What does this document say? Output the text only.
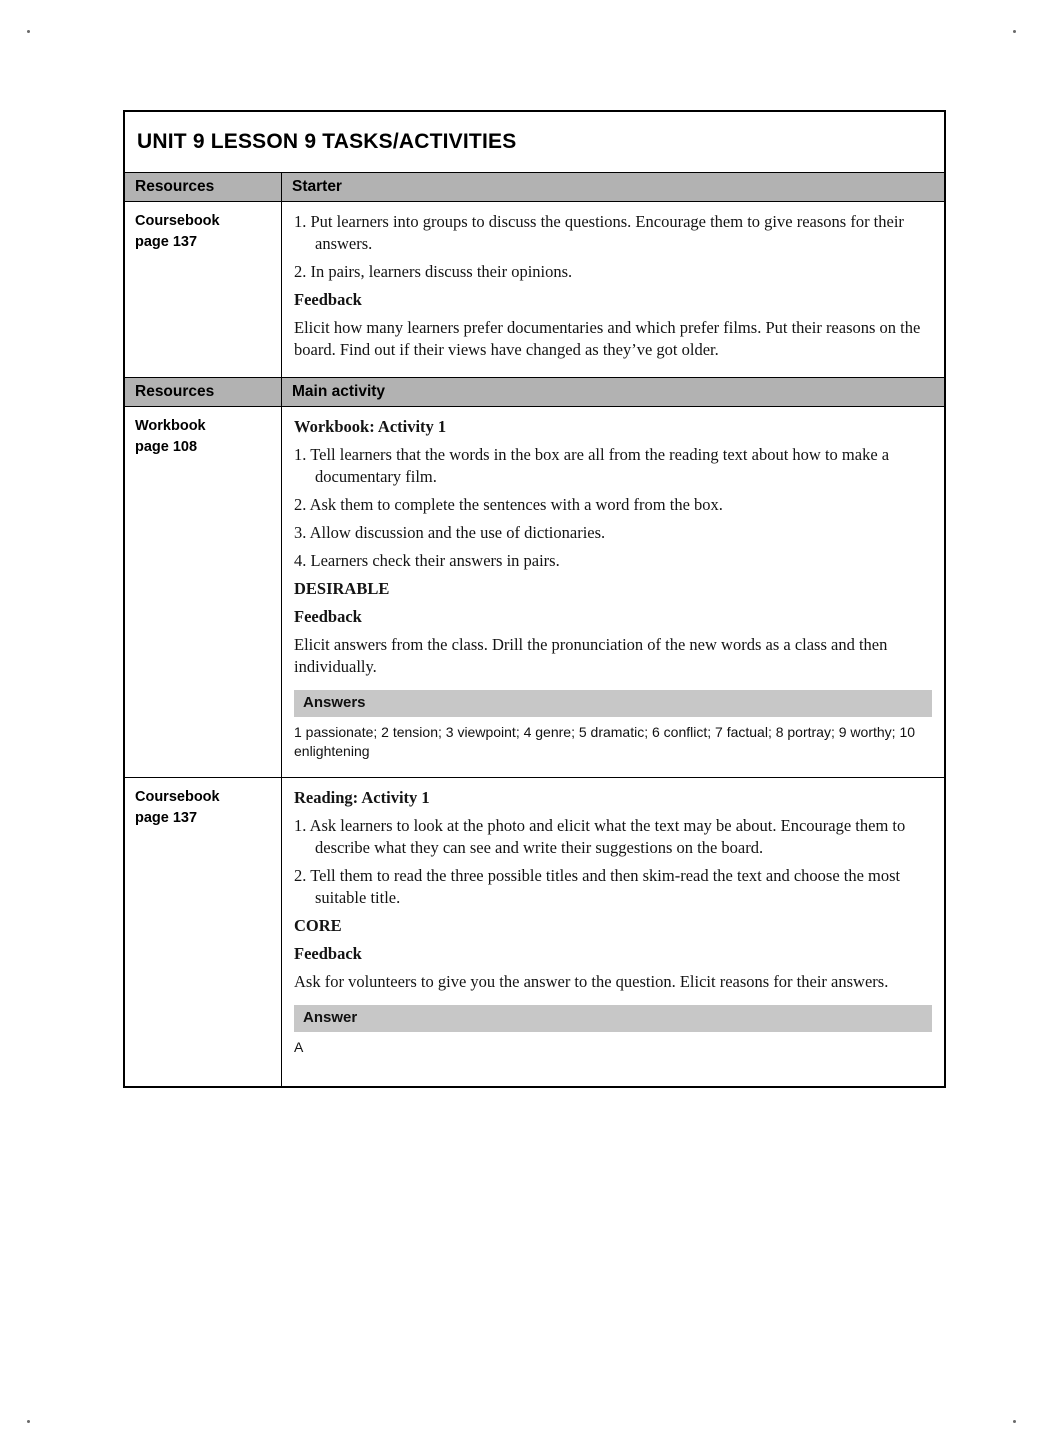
UNIT 9 LESSON 9 TASKS/ACTIVITIES
Resources	Starter
Coursebook
page 137

1. Put learners into groups to discuss the questions. Encourage them to give reasons for their answers.

2. In pairs, learners discuss their opinions.

Feedback

Elicit how many learners prefer documentaries and which prefer films. Put their reasons on the board. Find out if their views have changed as they’ve got older.

Resources	Main activity
Workbook
page 108

Workbook: Activity 1

1. Tell learners that the words in the box are all from the reading text about how to make a documentary film.

2. Ask them to complete the sentences with a word from the box.

3. Allow discussion and the use of dictionaries.

4. Learners check their answers in pairs.

DESIRABLE

Feedback

Elicit answers from the class. Drill the pronunciation of the new words as a class and then individually.

Answers

1 passionate; 2 tension; 3 viewpoint; 4 genre; 5 dramatic; 6 conflict; 7 factual; 8 portray; 9 worthy; 10 enlightening

Coursebook
page 137

Reading: Activity 1

1. Ask learners to look at the photo and elicit what the text may be about. Encourage them to describe what they can see and write their suggestions on the board.

2. Tell them to read the three possible titles and then skim-read the text and choose the most suitable title.

CORE

Feedback

Ask for volunteers to give you the answer to the question. Elicit reasons for their answers.

Answer

A
